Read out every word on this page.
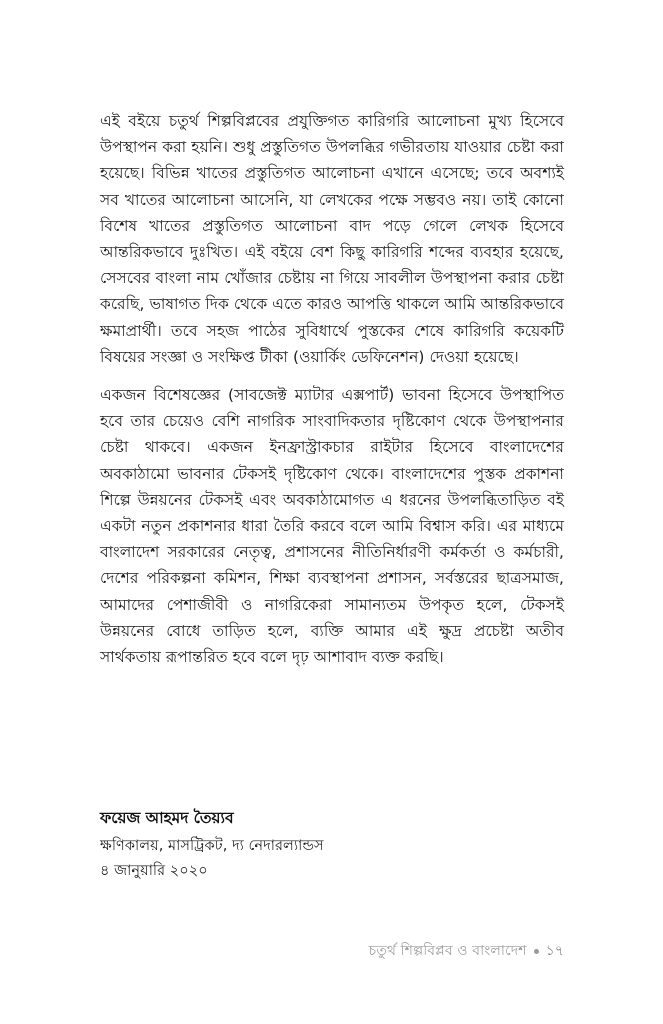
এই বইয়ে চতুর্থ শিল্পবিপ্লবের প্রযুক্তিগত কারিগরি আলোচনা মুখ্য হিসেবে উপস্থাপন করা হয়নি। শুধু প্রস্তুতিগত উপলব্ধির গভীরতায় যাওয়ার চেষ্টা করা হয়েছে। বিভিন্ন খাতের প্রস্তুতিগত আলোচনা এখানে এসেছে; তবে অবশ্যই সব খাতের আলোচনা আসেনি, যা লেখকের পক্ষে সম্ভবও নয়। তাই কোনো বিশেষ খাতের প্রস্তুতিগত আলোচনা বাদ পড়ে গেলে লেখক হিসেবে আন্তরিকভাবে দুঃখিত। এই বইয়ে বেশ কিছু কারিগরি শব্দের ব্যবহার হয়েছে, সেসবের বাংলা নাম খোঁজার চেষ্টায় না গিয়ে সাবলীল উপস্থাপনা করার চেষ্টা করেছি, ভাষাগত দিক থেকে এতে কারও আপত্তি থাকলে আমি আন্তরিকভাবে ক্ষমাপ্রার্থী। তবে সহজ পাঠের সুবিধার্থে পুস্তকের শেষে কারিগরি কয়েকটি বিষয়ের সংজ্ঞা ও সংক্ষিপ্ত টীকা (ওয়ার্কিং ডেফিনেশন) দেওয়া হয়েছে।

একজন বিশেষজ্ঞের (সাবজেক্ট ম্যাটার এক্সপার্ট) ভাবনা হিসেবে উপস্থাপিত হবে তার চেয়েও বেশি নাগরিক সাংবাদিকতার দৃষ্টিকোণ থেকে উপস্থাপনার চেষ্টা থাকবে। একজন ইনফ্রাস্ট্রাকচার রাইটার হিসেবে বাংলাদেশের অবকাঠামো ভাবনার টেকসই দৃষ্টিকোণ থেকে। বাংলাদেশের পুস্তক প্রকাশনা শিল্পে উন্নয়নের টেকসই এবং অবকাঠামোগত এ ধরনের উপলব্ধিতাড়িত বই একটা নতুন প্রকাশনার ধারা তৈরি করবে বলে আমি বিশ্বাস করি। এর মাধ্যমে বাংলাদেশ সরকারের নেতৃত্ব, প্রশাসনের নীতিনির্ধারণী কর্মকর্তা ও কর্মচারী, দেশের পরিকল্পনা কমিশন, শিক্ষা ব্যবস্থাপনা প্রশাসন, সর্বস্তরের ছাত্রসমাজ, আমাদের পেশাজীবী ও নাগরিকেরা সামান্যতম উপকৃত হলে, টেকসই উন্নয়নের বোধে তাড়িত হলে, ব্যক্তি আমার এই ক্ষুদ্র প্রচেষ্টা অতীব সার্থকতায় রূপান্তরিত হবে বলে দৃঢ় আশাবাদ ব্যক্ত করছি।

ফয়েজ আহমদ তৈয়্যব
ক্ষণিকালয়, মাসট্রিকট, দ্য নেদারল্যান্ডস
৪ জানুয়ারি ২০২০
চতুর্থ শিল্পবিপ্লব ও বাংলাদেশ ১৭
